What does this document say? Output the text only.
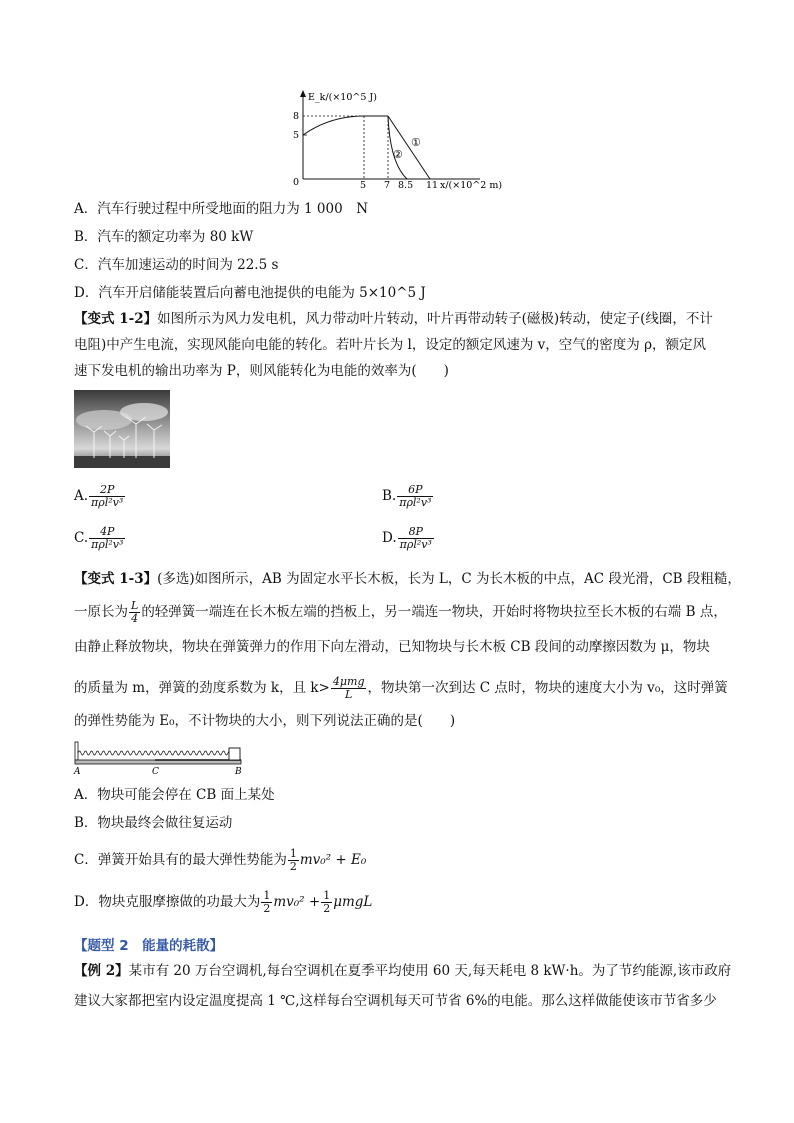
E_k/(×10^5 J)
8
5
0	5 7 8.5 11 x/(×10^2 m)
①
②
A．汽车行驶过程中所受地面的阻力为 1 000　N
B．汽车的额定功率为 80 kW
C．汽车加速运动的时间为 22.5 s
D．汽车开启储能装置后向蓄电池提供的电能为 5×10^5 J
【变式 1-2】如图所示为风力发电机，风力带动叶片转动，叶片再带动转子(磁极)转动，使定子(线圈，不计
电阻)中产生电流，实现风能向电能的转化。若叶片长为 l，设定的额定风速为 v，空气的密度为 ρ，额定风
速下发电机的输出功率为 P，则风能转化为电能的效率为(　　)
A. $\frac{2P}{\text{πρl²v³}}$	B. $\frac{6P}{\text{πρl²v³}}$
C. $\frac{4P}{\text{πρl²v³}}$	D. $\frac{8P}{\text{πρl²v³}}$
【变式 1-3】(多选)如图所示，AB 为固定水平长木板，长为 L，C 为长木板的中点，AC 段光滑，CB 段粗糙，
一原长为 $\frac{L}{4}$ 的轻弹簧一端连在长木板左端的挡板上，另一端连一物块，开始时将物块拉至长木板的右端 B 点，
由静止释放物块，物块在弹簧弹力的作用下向左滑动，已知物块与长木板 CB 段间的动摩擦因数为 μ，物块
的质量为 m，弹簧的劲度系数为 k，且 $k> \frac{\text{4μmg}}{L}$ ，物块第一次到达 C 点时，物块的速度大小为 v₀，这时弹簧
的弹性势能为 E₀，不计物块的大小，则下列说法正确的是(　　)
A	C	B
A．物块可能会停在 CB 面上某处
B．物块最终会做往复运动
C．弹簧开始具有的最大弹性势能为 $\frac{1}{2} mv_0^2 + E_0$
D．物块克服摩擦做的功最大为 $\frac{1}{2} mv_0^2 + \frac{1}{2}$ μmgL
【题型 2　能量的耗散】
【例 2】某市有 20 万台空调机,每台空调机在夏季平均使用 60 天,每天耗电 8 kW·h。为了节约能源,该市政府
建议大家都把室内设定温度提高 1 ℃,这样每台空调机每天可节省 6%的电能。那么这样做能使该市节省多少
